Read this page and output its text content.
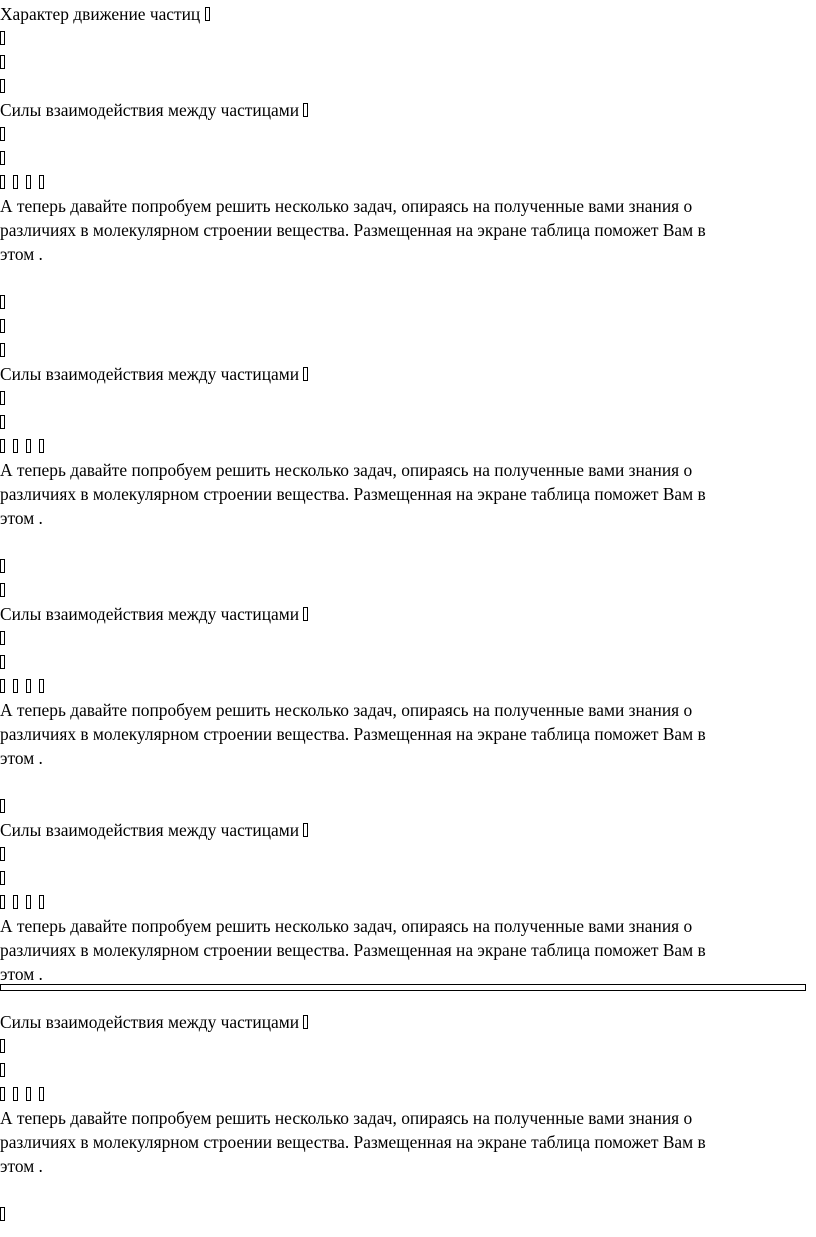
Характер движение частиц
Силы взаимодействия между частицами
А теперь давайте попробуем решить несколько задач, опираясь на полученные вами знания о
различиях в молекулярном строении вещества. Размещенная на экране таблица поможет Вам в
этом .
Силы взаимодействия между частицами
А теперь давайте попробуем решить несколько задач, опираясь на полученные вами знания о
различиях в молекулярном строении вещества. Размещенная на экране таблица поможет Вам в
этом .
Силы взаимодействия между частицами
А теперь давайте попробуем решить несколько задач, опираясь на полученные вами знания о
различиях в молекулярном строении вещества. Размещенная на экране таблица поможет Вам в
этом .
Силы взаимодействия между частицами
А теперь давайте попробуем решить несколько задач, опираясь на полученные вами знания о
различиях в молекулярном строении вещества. Размещенная на экране таблица поможет Вам в
этом .
Силы взаимодействия между частицами
А теперь давайте попробуем решить несколько задач, опираясь на полученные вами знания о
различиях в молекулярном строении вещества. Размещенная на экране таблица поможет Вам в
этом .
